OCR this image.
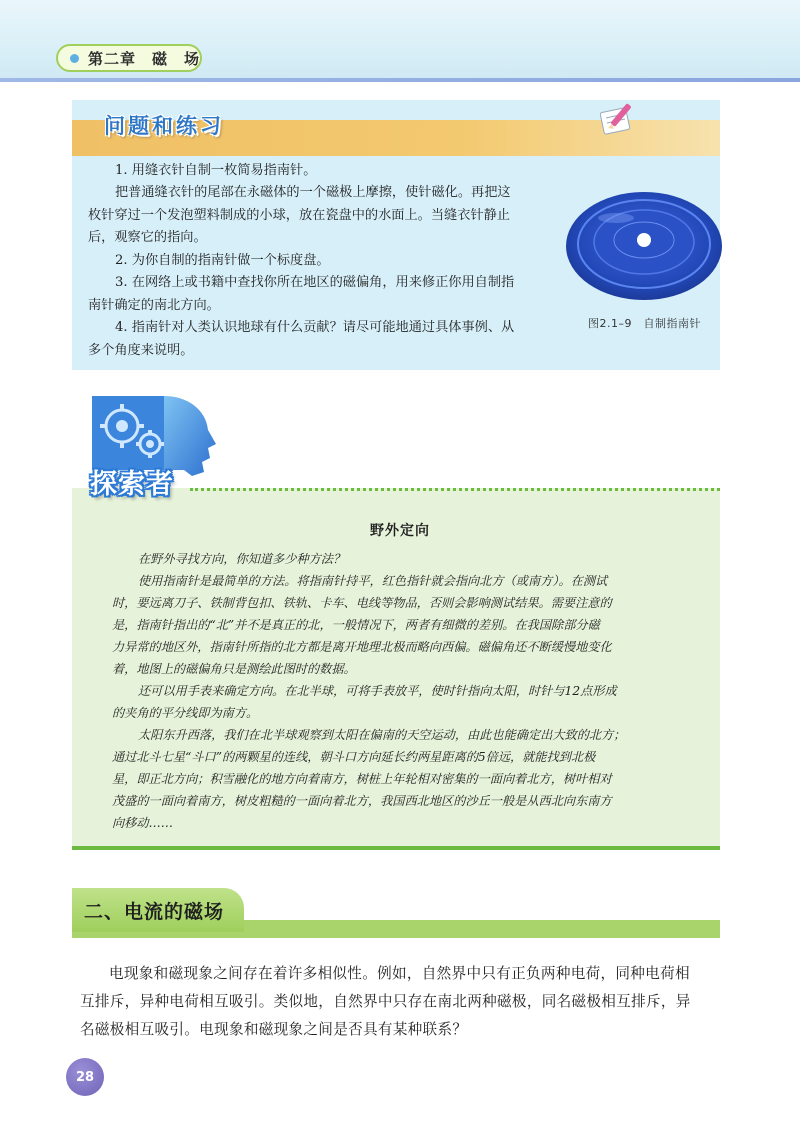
第二章　磁　场
问题和练习
1. 用缝衣针自制一枚简易指南针。
把普通缝衣针的尾部在永磁体的一个磁极上摩擦，使针磁化。再把这
枚针穿过一个发泡塑料制成的小球，放在瓷盘中的水面上。当缝衣针静止
后，观察它的指向。
2. 为你自制的指南针做一个标度盘。
3. 在网络上或书籍中查找你所在地区的磁偏角，用来修正你用自制指
南针确定的南北方向。
4. 指南针对人类认识地球有什么贡献？请尽可能地通过具体事例、从
多个角度来说明。
图2.1–9　自制指南针
探索者
野外定向
在野外寻找方向，你知道多少种方法？
使用指南针是最简单的方法。将指南针持平，红色指针就会指向北方（或南方）。在测试
时，要远离刀子、铁制背包扣、铁轨、卡车、电线等物品，否则会影响测试结果。需要注意的
是，指南针指出的“北”并不是真正的北，一般情况下，两者有细微的差别。在我国除部分磁
力异常的地区外，指南针所指的北方都是离开地理北极而略向西偏。磁偏角还不断缓慢地变化
着，地图上的磁偏角只是测绘此图时的数据。
还可以用手表来确定方向。在北半球，可将手表放平，使时针指向太阳，时针与12点形成
的夹角的平分线即为南方。
太阳东升西落，我们在北半球观察到太阳在偏南的天空运动，由此也能确定出大致的北方；
通过北斗七星“斗口”的两颗星的连线，朝斗口方向延长约两星距离的5倍远，就能找到北极
星，即正北方向；积雪融化的地方向着南方，树桩上年轮相对密集的一面向着北方，树叶相对
茂盛的一面向着南方，树皮粗糙的一面向着北方，我国西北地区的沙丘一般是从西北向东南方
向移动……
二、电流的磁场
电现象和磁现象之间存在着许多相似性。例如，自然界中只有正负两种电荷，同种电荷相
互排斥，异种电荷相互吸引。类似地，自然界中只存在南北两种磁极，同名磁极相互排斥，异
名磁极相互吸引。电现象和磁现象之间是否具有某种联系？
28
